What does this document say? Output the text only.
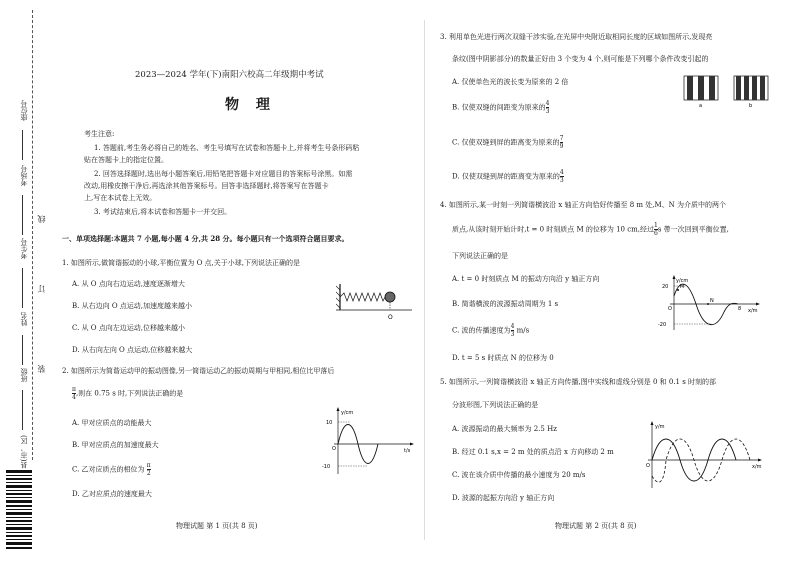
座位号
考场号
考生号
姓名
班级
县(市、区)
线
订
装
2023—2024 学年(下)南阳六校高二年级期中考试
物 理
考生注意:
1. 答题前,考生务必将自己的姓名、考生号填写在试卷和答题卡上,并将考生号条形码粘
贴在答题卡上的指定位置。
2. 回答选择题时,选出每小题答案后,用铅笔把答题卡对应题目的答案标号涂黑。如需
改动,用橡皮擦干净后,再选涂其他答案标号。回答非选择题时,将答案写在答题卡
上,写在本试卷上无效。
3. 考试结束后,将本试卷和答题卡一并交回。
一、单项选择题:本题共 7 小题,每小题 4 分,共 28 分。每小题只有一个选项符合题目要求。
1. 如图所示,做简谐振动的小球,平衡位置为 O 点,关于小球,下列说法正确的是
A. 从 O 点向右边运动,速度逐渐增大
B. 从右边向 O 点运动,加速度越来越小
C. 从 O 点向左边运动,位移越来越小
D. 从右向左向 O 点运动,位移越来越大
O
2. 如图所示为简谐运动甲的振动图像,另一简谐运动乙的振动周期与甲相同,相位比甲落后
$\frac{\pi}{4}$ ,则在 0.75 s 时,下列说法正确的是
A. 甲对应质点的动能最大
B. 甲对应质点的加速度最大
C. 乙对应质点的相位为 $\frac{\pi}{2}$
D. 乙对应质点的速度最大
y/cm
t/s
10
-10
O
物理试题 第 1 页(共 8 页)
3. 利用单色光进行两次双缝干涉实验,在光屏中央附近取相同长度的区域如图所示,发现亮
条纹(图中阴影部分)的数量正好由 3 个变为 4 个,则可能是下列哪个条件改变引起的
A. 仅使单色光的波长变为原来的 2 倍
B. 仅使双缝的间距变为原来的 $\frac{4}{3}$
C. 仅使双缝到屏的距离变为原来的 $\frac{7}{9}$
D. 仅使双缝到屏的距离变为原来的 $\frac{4}{3}$
a	b
4. 如图所示,某一时刻一列简谐横波沿 x 轴正方向恰好传播至 8 m 处,M、N 为介质中的两个
质点,从该时刻开始计时,t = 0 时刻质点 M 的位移为 10 cm,经过 $\frac{1}{6}$ s 帶一次回到平衡位置,
下列说法正确的是
A. t = 0 时刻质点 M 的振动方向沿 y 轴正方向
B. 简谐横波的波源振动周期为 1 s
C. 波的传播速度为 $\frac{4}{3} m/s$
D. t = 5 s 时质点 N 的位移为 0
y/cm
x/m
20
-20
8
M
N
O
5. 如图所示,一列简谐横波沿 x 轴正方向传播,图中实线和虚线分别是 0 和 0.1 s 时刻的部
分波形图,下列说法正确的是
A. 波源振动的最大频率为 2.5 Hz
B. 经过 0.1 s,x = 2 m 处的质点沿 x 方向移动 2 m
C. 波在该介质中传播的最小速度为 20 m/s
D. 波源的起振方向沿 y 轴正方向
y/m
x/m
O
物理试题 第 2 页(共 8 页)
